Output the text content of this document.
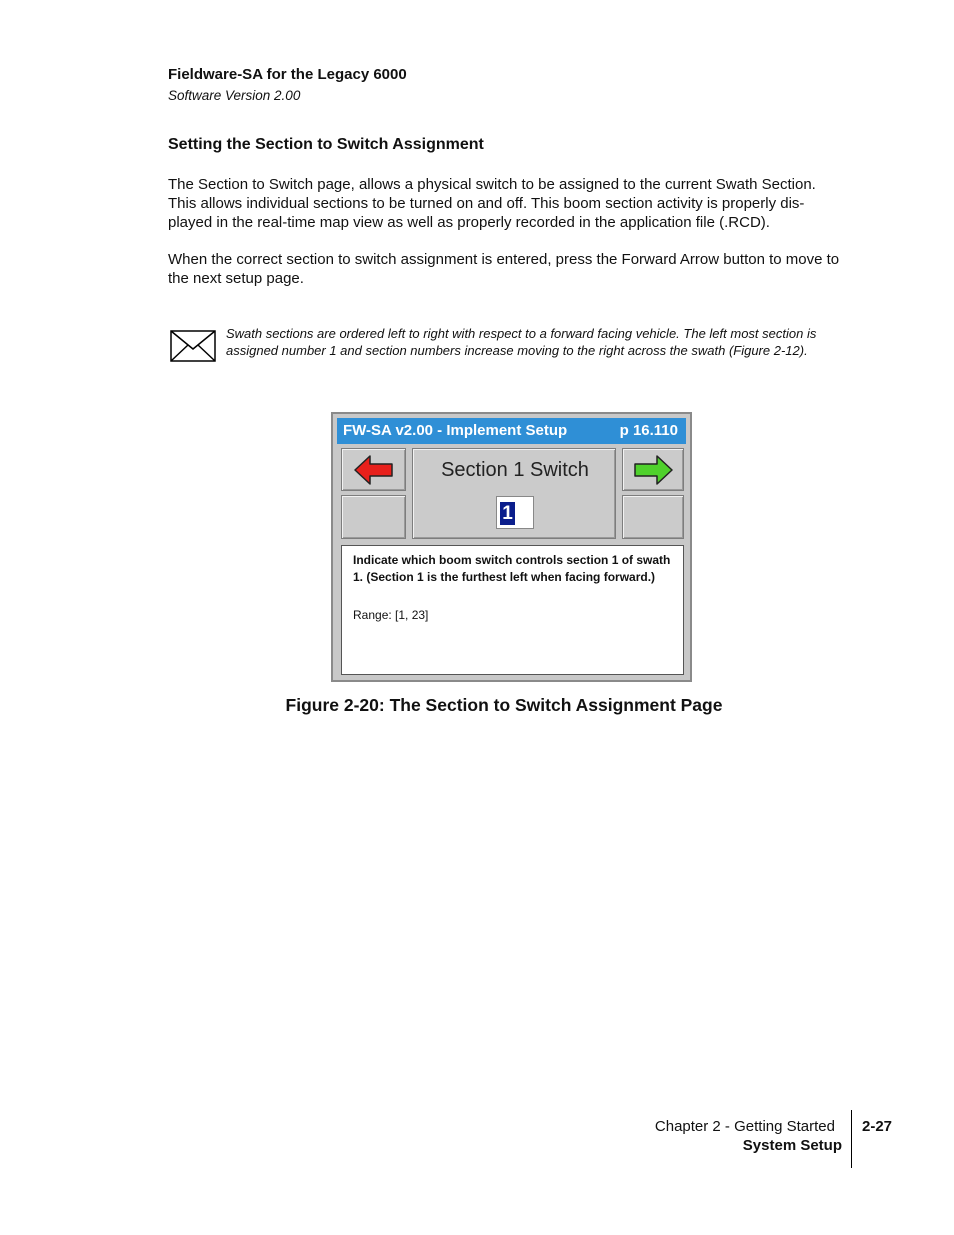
Fieldware-SA for the Legacy 6000
Software Version 2.00
Setting the Section to Switch Assignment
The Section to Switch page, allows a physical switch to be assigned to the current Swath Section. This allows individual sections to be turned on and off. This boom section activity is properly dis-played in the real-time map view as well as properly recorded in the application file (.RCD).
When the correct section to switch assignment is entered, press the Forward Arrow button to move to the next setup page.
Swath sections are ordered left to right with respect to a forward facing vehicle. The left most section is assigned number 1 and section numbers increase moving to the right across the swath (Figure 2-12).
FW-SA v2.00 - Implement Setup	p 16.110
Section 1 Switch
1
Indicate which boom switch controls section 1 of swath 1. (Section 1 is the furthest left when facing forward.)
Range: [1, 23]
Figure 2-20: The Section to Switch Assignment Page
Chapter 2 - Getting Started
System Setup
2-27
